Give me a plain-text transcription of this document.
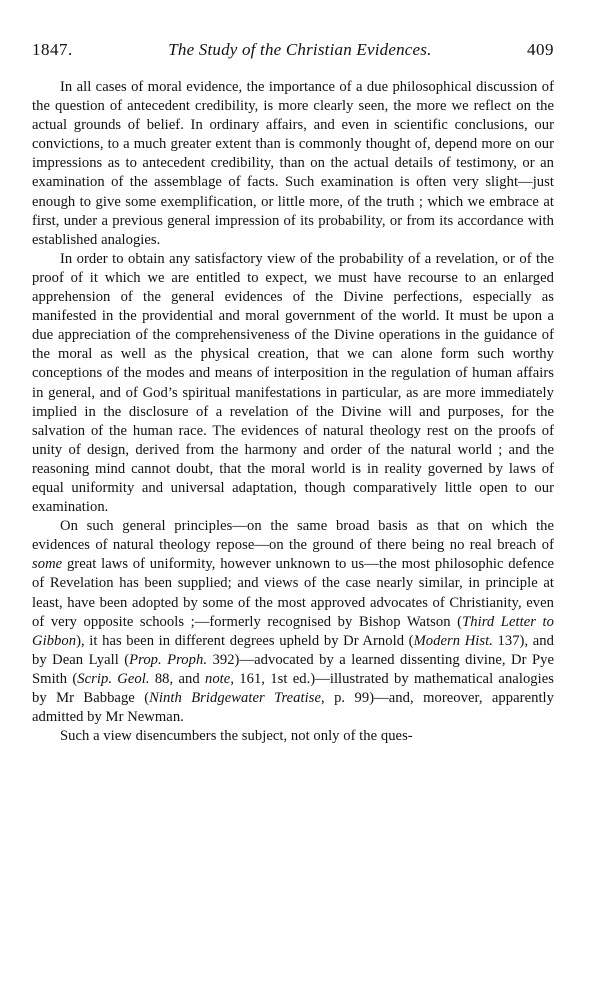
1847.	The Study of the Christian Evidences.	409

In all cases of moral evidence, the importance of a due philosophical discussion of the question of antecedent credibility, is more clearly seen, the more we reflect on the actual grounds of belief. In ordinary affairs, and even in scientific conclusions, our convictions, to a much greater extent than is commonly thought of, depend more on our impressions as to antecedent credibility, than on the actual details of testimony, or an examination of the assemblage of facts. Such examination is often very slight—just enough to give some exemplification, or little more, of the truth ; which we embrace at first, under a previous general impression of its probability, or from its accordance with established analogies.

In order to obtain any satisfactory view of the probability of a revelation, or of the proof of it which we are entitled to expect, we must have recourse to an enlarged apprehension of the general evidences of the Divine perfections, especially as manifested in the providential and moral government of the world. It must be upon a due appreciation of the comprehensiveness of the Divine operations in the guidance of the moral as well as the physical creation, that we can alone form such worthy conceptions of the modes and means of interposition in the regulation of human affairs in general, and of God’s spiritual manifestations in particular, as are more immediately implied in the disclosure of a revelation of the Divine will and purposes, for the salvation of the human race. The evidences of natural theology rest on the proofs of unity of design, derived from the harmony and order of the natural world ; and the reasoning mind cannot doubt, that the moral world is in reality governed by laws of equal uniformity and universal adaptation, though comparatively little open to our examination.

On such general principles—on the same broad basis as that on which the evidences of natural theology repose—on the ground of there being no real breach of some great laws of uniformity, however unknown to us—the most philosophic defence of Revelation has been supplied; and views of the case nearly similar, in principle at least, have been adopted by some of the most approved advocates of Christianity, even of very opposite schools ;—formerly recognised by Bishop Watson (Third Letter to Gibbon), it has been in different degrees upheld by Dr Arnold (Modern Hist. 137), and by Dean Lyall (Prop. Proph. 392)—advocated by a learned dissenting divine, Dr Pye Smith (Scrip. Geol. 88, and note, 161, 1st ed.)—illustrated by mathematical analogies by Mr Babbage (Ninth Bridgewater Treatise, p. 99)—and, moreover, apparently admitted by Mr Newman.

Such a view disencumbers the subject, not only of the ques-
